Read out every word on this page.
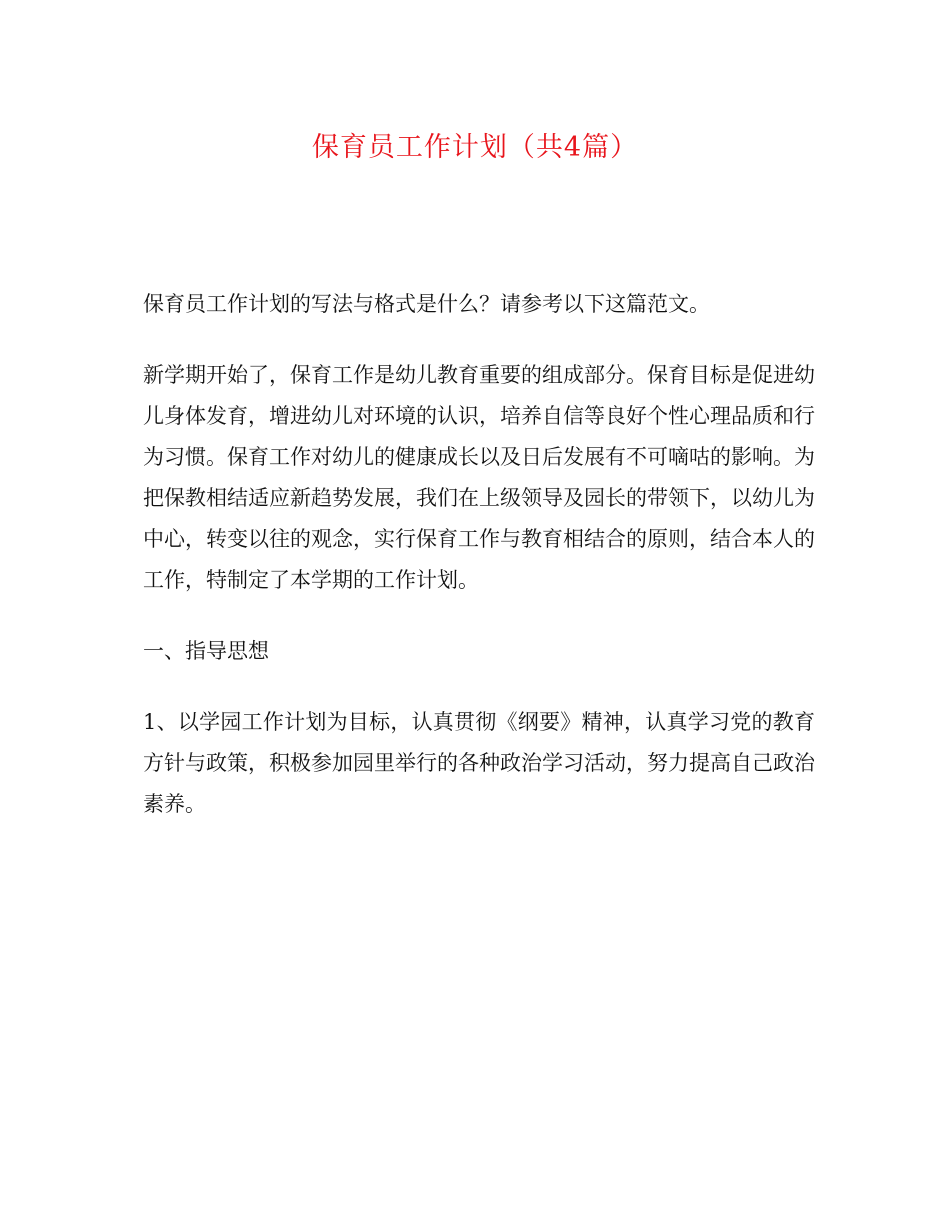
保育员工作计划（共4篇）

保育员工作计划的写法与格式是什么？请参考以下这篇范文。

新学期开始了，保育工作是幼儿教育重要的组成部分。保育目标是促进幼儿身体发育，增进幼儿对环境的认识，培养自信等良好个性心理品质和行为习惯。保育工作对幼儿的健康成长以及日后发展有不可嘀咕的影响。为把保教相结适应新趋势发展，我们在上级领导及园长的带领下，以幼儿为中心，转变以往的观念，实行保育工作与教育相结合的原则，结合本人的工作，特制定了本学期的工作计划。

一、指导思想

1、以学园工作计划为目标，认真贯彻《纲要》精神，认真学习党的教育方针与政策，积极参加园里举行的各种政治学习活动，努力提高自己政治素养。
